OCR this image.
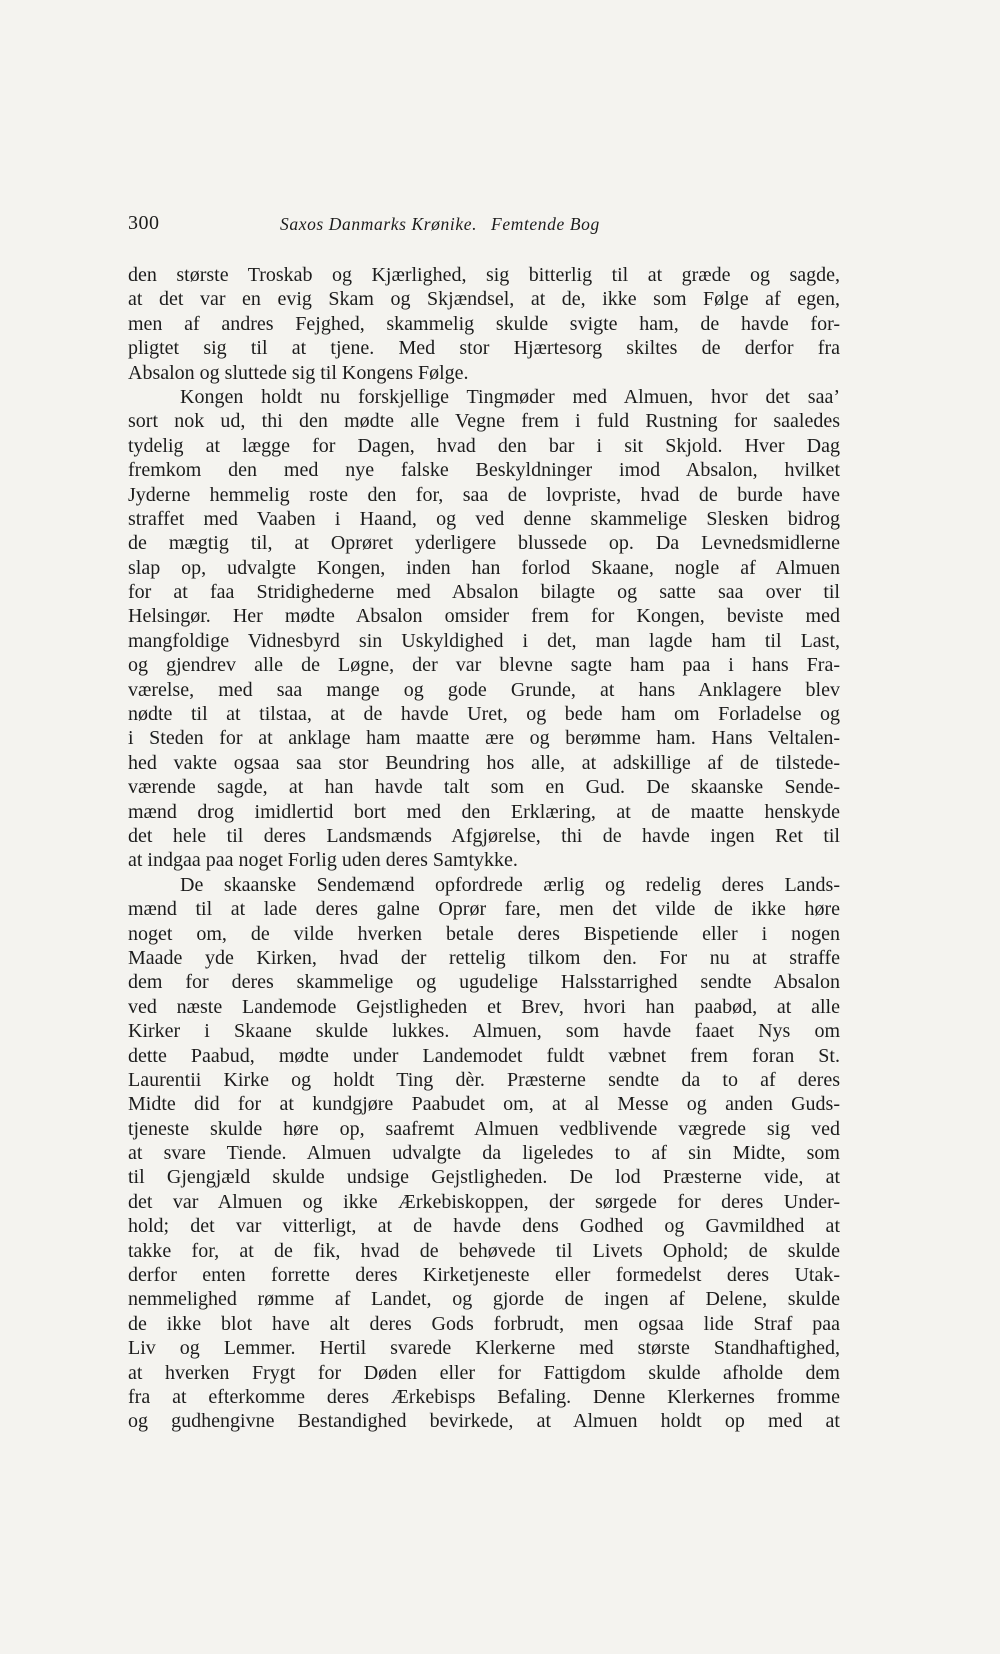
300	Saxos Danmarks Krønike. Femtende Bog
den største Troskab og Kjærlighed, sig bitterlig til at græde og sagde,
at det var en evig Skam og Skjændsel, at de, ikke som Følge af egen,
men af andres Fejghed, skammelig skulde svigte ham, de havde for-
pligtet sig til at tjene. Med stor Hjærtesorg skiltes de derfor fra
Absalon og sluttede sig til Kongens Følge.
Kongen holdt nu forskjellige Tingmøder med Almuen, hvor det saa’
sort nok ud, thi den mødte alle Vegne frem i fuld Rustning for saaledes
tydelig at lægge for Dagen, hvad den bar i sit Skjold. Hver Dag
fremkom den med nye falske Beskyldninger imod Absalon, hvilket
Jyderne hemmelig roste den for, saa de lovpriste, hvad de burde have
straffet med Vaaben i Haand, og ved denne skammelige Slesken bidrog
de mægtig til, at Oprøret yderligere blussede op. Da Levnedsmidlerne
slap op, udvalgte Kongen, inden han forlod Skaane, nogle af Almuen
for at faa Stridighederne med Absalon bilagte og satte saa over til
Helsingør. Her mødte Absalon omsider frem for Kongen, beviste med
mangfoldige Vidnesbyrd sin Uskyldighed i det, man lagde ham til Last,
og gjendrev alle de Løgne, der var blevne sagte ham paa i hans Fra-
værelse, med saa mange og gode Grunde, at hans Anklagere blev
nødte til at tilstaa, at de havde Uret, og bede ham om Forladelse og
i Steden for at anklage ham maatte ære og berømme ham. Hans Veltalen-
hed vakte ogsaa saa stor Beundring hos alle, at adskillige af de tilstede-
værende sagde, at han havde talt som en Gud. De skaanske Sende-
mænd drog imidlertid bort med den Erklæring, at de maatte henskyde
det hele til deres Landsmænds Afgjørelse, thi de havde ingen Ret til
at indgaa paa noget Forlig uden deres Samtykke.
De skaanske Sendemænd opfordrede ærlig og redelig deres Lands-
mænd til at lade deres galne Oprør fare, men det vilde de ikke høre
noget om, de vilde hverken betale deres Bispetiende eller i nogen
Maade yde Kirken, hvad der rettelig tilkom den. For nu at straffe
dem for deres skammelige og ugudelige Halsstarrighed sendte Absalon
ved næste Landemode Gejstligheden et Brev, hvori han paabød, at alle
Kirker i Skaane skulde lukkes. Almuen, som havde faaet Nys om
dette Paabud, mødte under Landemodet fuldt væbnet frem foran St.
Laurentii Kirke og holdt Ting dèr. Præsterne sendte da to af deres
Midte did for at kundgjøre Paabudet om, at al Messe og anden Guds-
tjeneste skulde høre op, saafremt Almuen vedblivende vægrede sig ved
at svare Tiende. Almuen udvalgte da ligeledes to af sin Midte, som
til Gjengjæld skulde undsige Gejstligheden. De lod Præsterne vide, at
det var Almuen og ikke Ærkebiskoppen, der sørgede for deres Under-
hold; det var vitterligt, at de havde dens Godhed og Gavmildhed at
takke for, at de fik, hvad de behøvede til Livets Ophold; de skulde
derfor enten forrette deres Kirketjeneste eller formedelst deres Utak-
nemmelighed rømme af Landet, og gjorde de ingen af Delene, skulde
de ikke blot have alt deres Gods forbrudt, men ogsaa lide Straf paa
Liv og Lemmer. Hertil svarede Klerkerne med største Standhaftighed,
at hverken Frygt for Døden eller for Fattigdom skulde afholde dem
fra at efterkomme deres Ærkebisps Befaling. Denne Klerkernes fromme
og gudhengivne Bestandighed bevirkede, at Almuen holdt op med at
